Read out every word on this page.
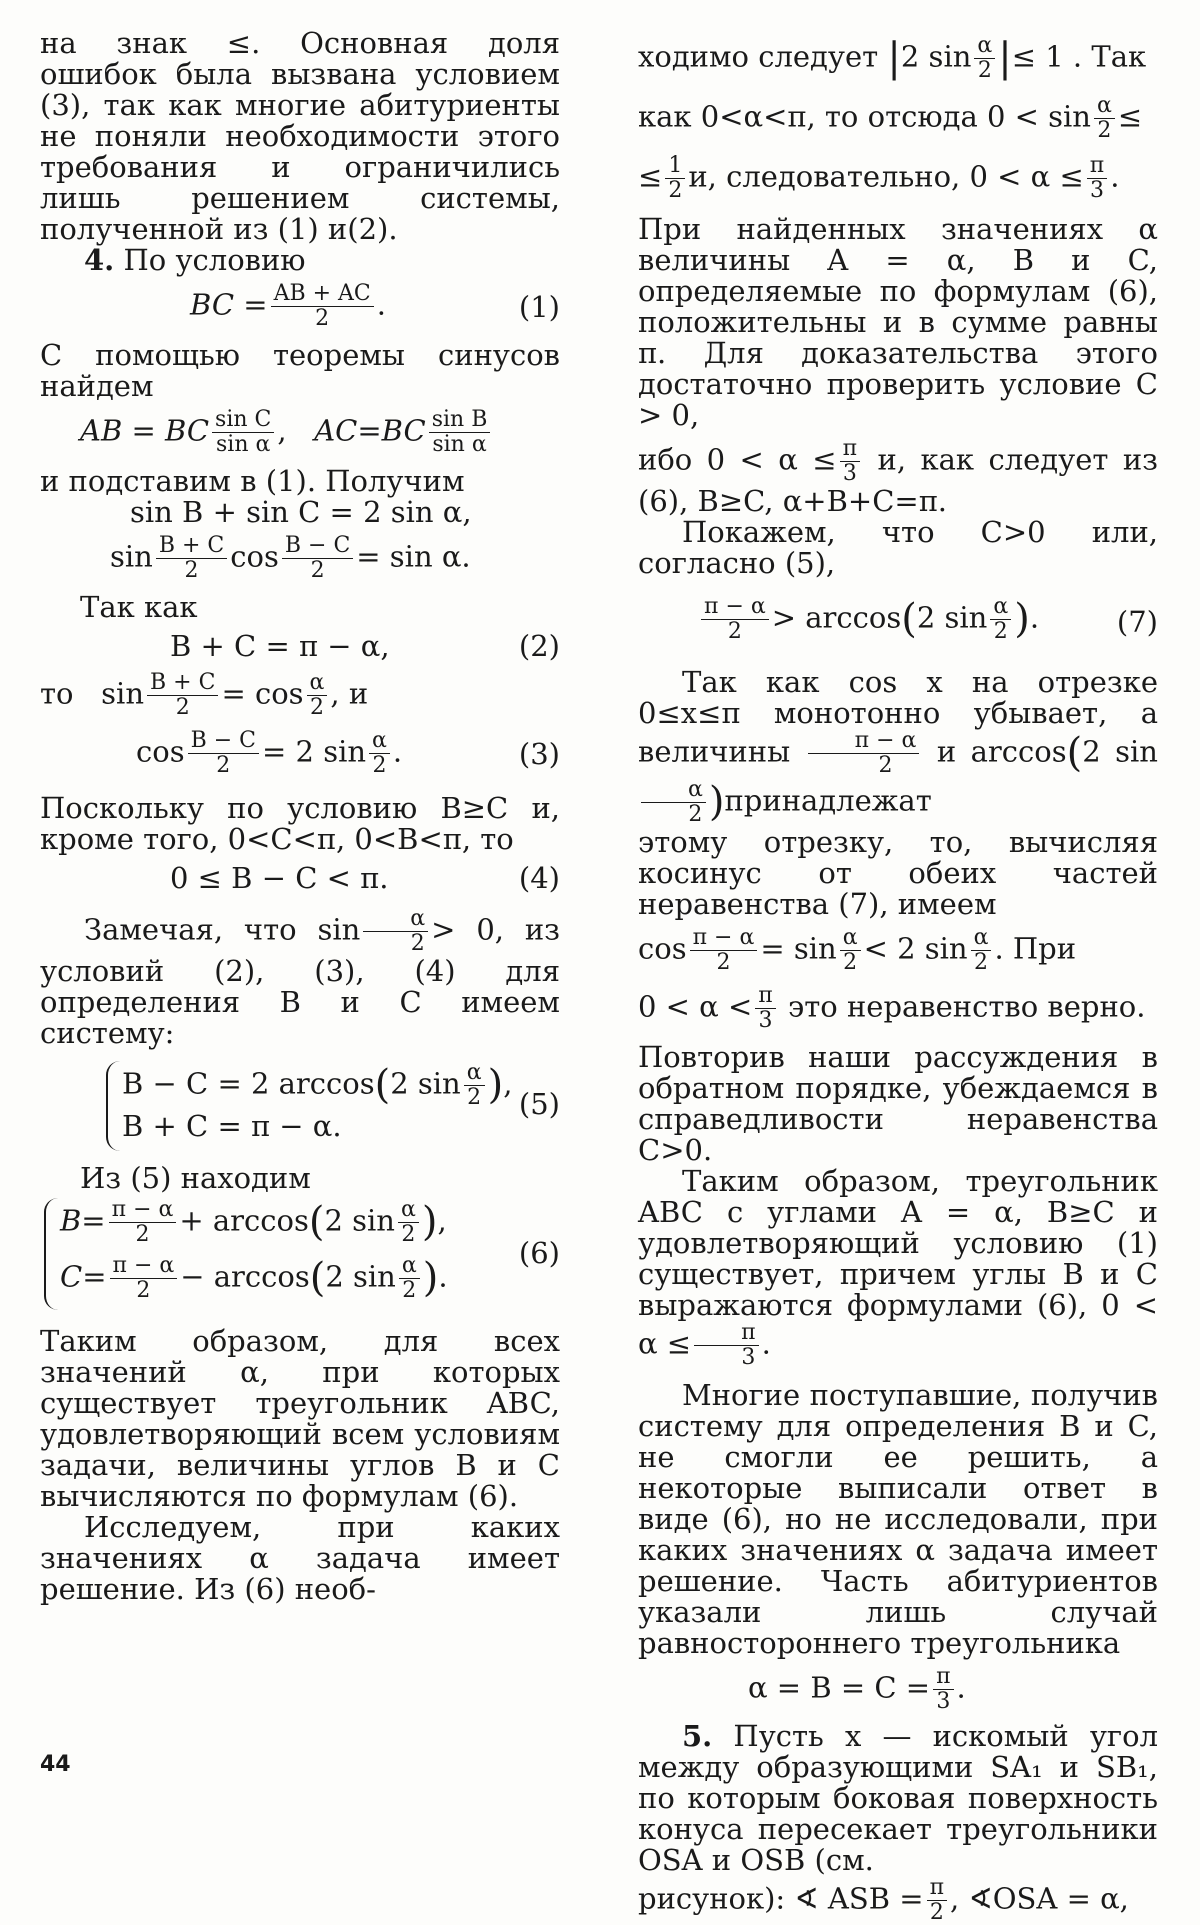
на знак ≤. Основная доля ошибок была вызвана условием (3), так как многие абитуриенты не поняли необходимости этого требования и ограничились лишь решением системы, полученной из (1) и(2).

4. По условию

BC = $\frac{AB + AC}{2}$ .	(1)

С помощью теоремы синусов найдем

AB = BC $\frac{\text{sin C}}{\text{sin α}}$ ,   $AC=BC \frac{\text{sin B}}{\text{sin α}}$

и подставим в (1). Получим

sin B + sin C = 2 sin α,

$\sin \frac{B + C}{2}$ $\cos \frac{B - C}{2} = \sin \alpha$.

Так как

B + C = π − α,	(2)
то $\sin \frac{B + C}{2} = \cos \frac{\alpha}{2}$ , и
$\cos \frac{B - C}{2} = 2$ $\sin \frac{\alpha}{2}$ .	(3)

Поскольку по условию B≥C и, кроме того, 0<C<π, 0<B<π, то

0 ≤ B − C < π.	(4)

Замечая, что $\sin \frac{\alpha}{2} > 0$, из условий (2), (3), (4) для определения B и C имеем систему:

B − C = 2 arccos(2 $\sin \frac{\alpha}{2}$ ),
B + C = π − α.
(5)

Из (5) находим

$B= \frac{\pi - \alpha}{2} + \arccos(2$ $\sin \frac{\alpha}{2}$ ),
$C= \frac{\pi - \alpha}{2} - \arccos(2$ $\sin \frac{\alpha}{2}$ ).
(6)

Таким образом, для всех значений α, при которых существует треугольник ABC, удовлетворяющий всем условиям задачи, величины углов B и C вычисляются по формулам (6).

Исследуем, при каких значениях α задача имеет решение. Из (6) необ-

ходимо следует |2 $\sin \frac{\alpha}{2}$ |≤ 1 . Так
как 0<α<π, то отсюда $0 < \sin \frac{\alpha}{2}$ ≤
≤ $\frac{1}{2} и$, следовательно, $0 < \alpha \le \frac{\pi}{3}$ .

При найденных значениях α величины A = α, B и C, определяемые по формулам (6), положительны и в сумме равны π. Для доказательства этого достаточно проверить условие C > 0,

ибо $0 < \alpha \le \frac{\pi}{3} и$, как следует из (6), B≥C, α+B+C=π.

Покажем, что C>0 или, согласно (5),

$\frac{\pi - \alpha}{2} > \arccos(2$ $\sin \frac{\alpha}{2}$ ).	(7)

Так как cos x на отрезке 0≤x≤π монотонно убывает, а величины $\frac{\pi - \alpha}{2}$ и arccos(2 sin
$\frac{\alpha}{2}$ )принадлежат

этому отрезку, то, вычисляя косинус от обеих частей неравенства (7), имеем

$\cos \frac{\pi - \alpha}{2} = \sin \frac{\alpha}{2} < 2$ $\sin \frac{\alpha}{2}$ . При
$0 < \alpha < \frac{\pi}{3}$ это неравенство верно.

Повторив наши рассуждения в обратном порядке, убеждаемся в справедливости неравенства C>0.

Таким образом, треугольник ABC с углами A = α, B≥C и удовлетворяющий условию (1) существует, причем углы B и C выражаются формулами (6), $0 < \alpha \le \frac{\pi}{3}$ .

Многие поступавшие, получив систему для определения B и C, не смогли ее решить, а некоторые выписали ответ в виде (6), но не исследовали, при каких значениях α задача имеет решение. Часть абитуриентов указали лишь случай равностороннего треугольника

$\alpha = B = C = \frac{\pi}{3}$ .

5. Пусть x — искомый угол между образующими SA₁ и SB₁, по которым боковая поверхность конуса пересекает треугольники OSA и OSB (см.

рисунок): ∢ ASB = $\frac{\pi}{2}$ , ∢OSA = α,

44
